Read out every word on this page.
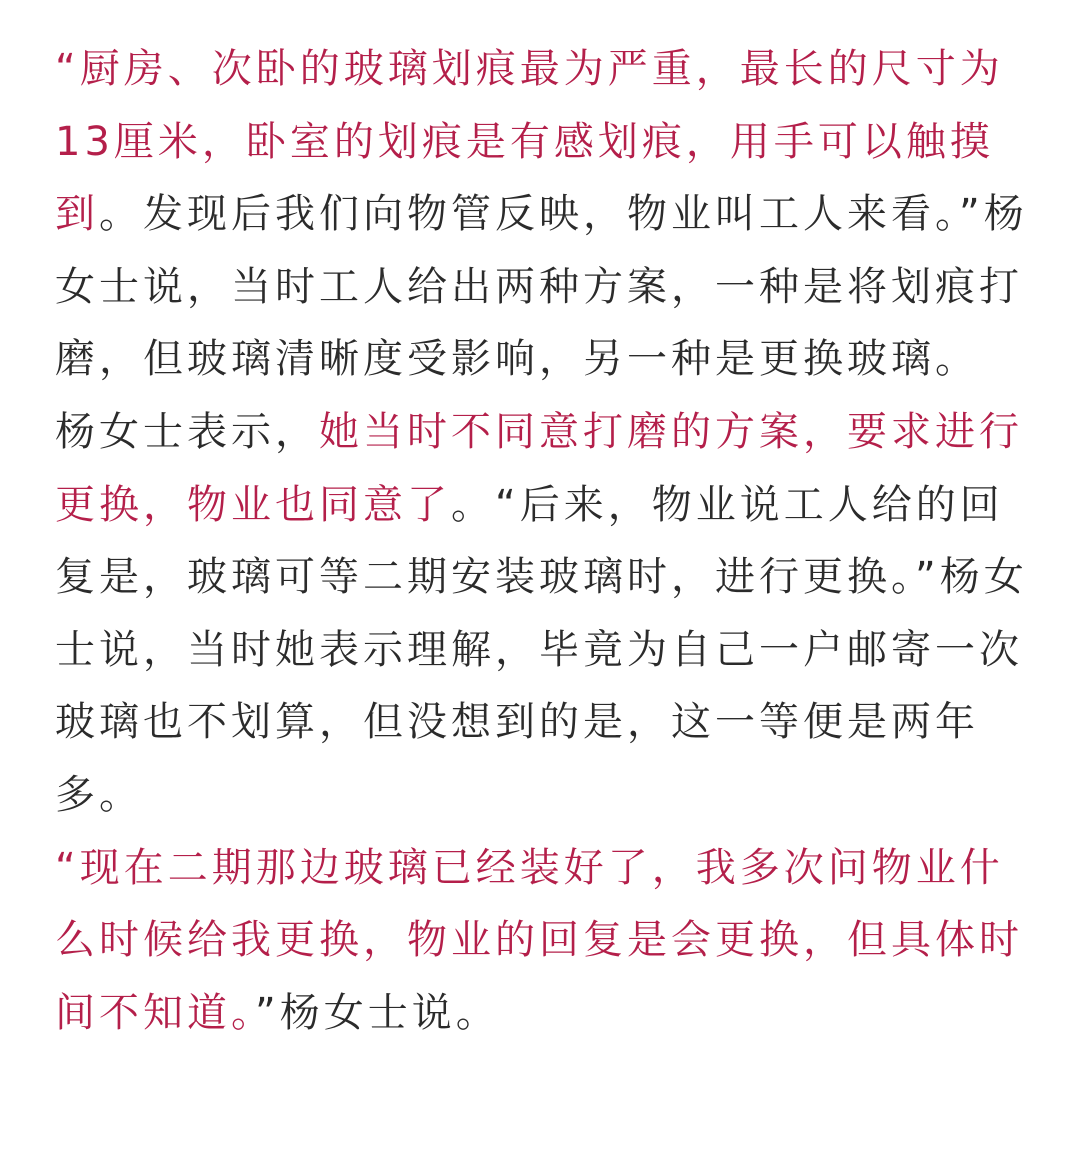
“厨房、次卧的玻璃划痕最为严重，最长的尺寸为13厘米，卧室的划痕是有感划痕，用手可以触摸到。发现后我们向物管反映，物业叫工人来看。”杨女士说，当时工人给出两种方案，一种是将划痕打磨，但玻璃清晰度受影响，另一种是更换玻璃。

杨女士表示，她当时不同意打磨的方案，要求进行更换，物业也同意了。“后来，物业说工人给的回复是，玻璃可等二期安装玻璃时，进行更换。”杨女士说，当时她表示理解，毕竟为自己一户邮寄一次玻璃也不划算，但没想到的是，这一等便是两年多。

“现在二期那边玻璃已经装好了，我多次问物业什么时候给我更换，物业的回复是会更换，但具体时间不知道。”杨女士说。
